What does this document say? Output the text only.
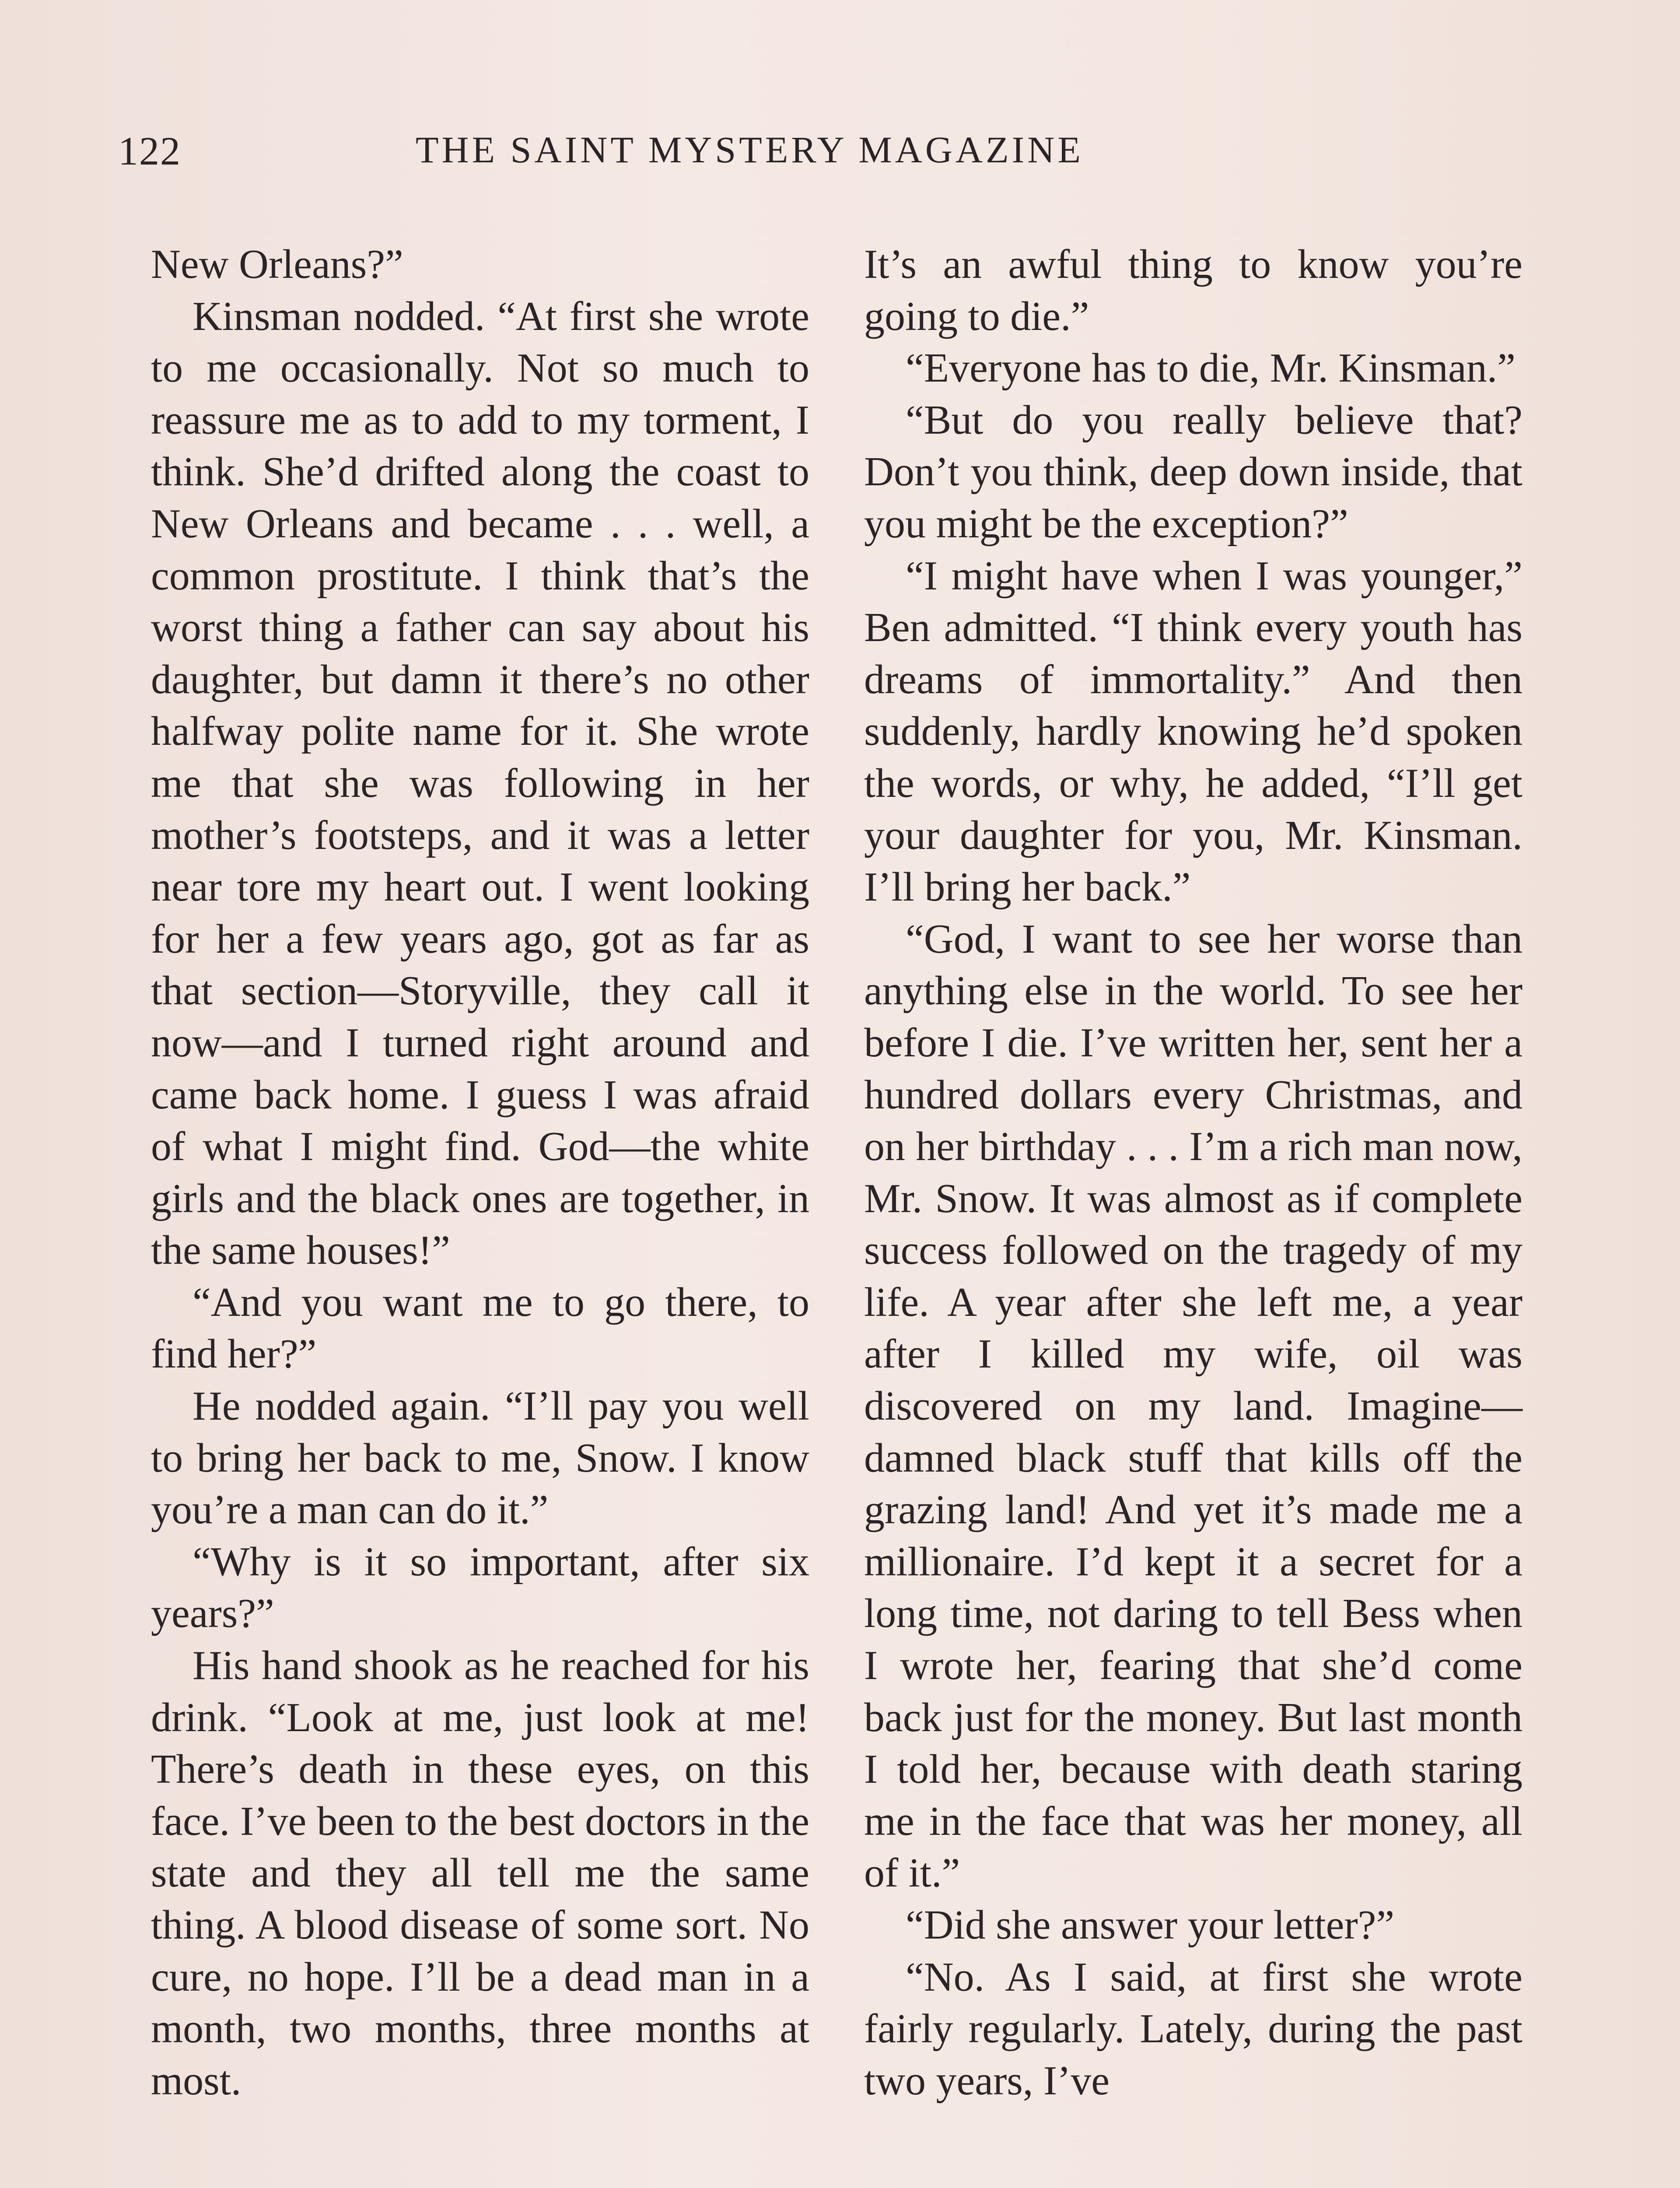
122	THE SAINT MYSTERY MAGAZINE

New Orleans?”

Kinsman nodded. “At first she wrote to me occasionally. Not so much to reassure me as to add to my torment, I think. She’d drifted along the coast to New Orleans and became . . . well, a common prostitute. I think that’s the worst thing a father can say about his daughter, but damn it there’s no other halfway polite name for it. She wrote me that she was following in her mother’s footsteps, and it was a letter near tore my heart out. I went looking for her a few years ago, got as far as that section—Storyville, they call it now—and I turned right around and came back home. I guess I was afraid of what I might find. God—the white girls and the black ones are together, in the same houses!”

“And you want me to go there, to find her?”

He nodded again. “I’ll pay you well to bring her back to me, Snow. I know you’re a man can do it.”

“Why is it so important, after six years?”

His hand shook as he reached for his drink. “Look at me, just look at me! There’s death in these eyes, on this face. I’ve been to the best doctors in the state and they all tell me the same thing. A blood disease of some sort. No cure, no hope. I’ll be a dead man in a month, two months, three months at most.

It’s an awful thing to know you’re going to die.”

“Everyone has to die, Mr. Kinsman.”

“But do you really believe that? Don’t you think, deep down inside, that you might be the exception?”

“I might have when I was younger,” Ben admitted. “I think every youth has dreams of immortality.” And then suddenly, hardly knowing he’d spoken the words, or why, he added, “I’ll get your daughter for you, Mr. Kinsman. I’ll bring her back.”

“God, I want to see her worse than anything else in the world. To see her before I die. I’ve written her, sent her a hundred dollars every Christmas, and on her birthday . . . I’m a rich man now, Mr. Snow. It was almost as if complete success followed on the tragedy of my life. A year after she left me, a year after I killed my wife, oil was discovered on my land. Imagine—damned black stuff that kills off the grazing land! And yet it’s made me a millionaire. I’d kept it a secret for a long time, not daring to tell Bess when I wrote her, fearing that she’d come back just for the money. But last month I told her, because with death staring me in the face that was her money, all of it.”

“Did she answer your letter?”

“No. As I said, at first she wrote fairly regularly. Lately, during the past two years, I’ve
